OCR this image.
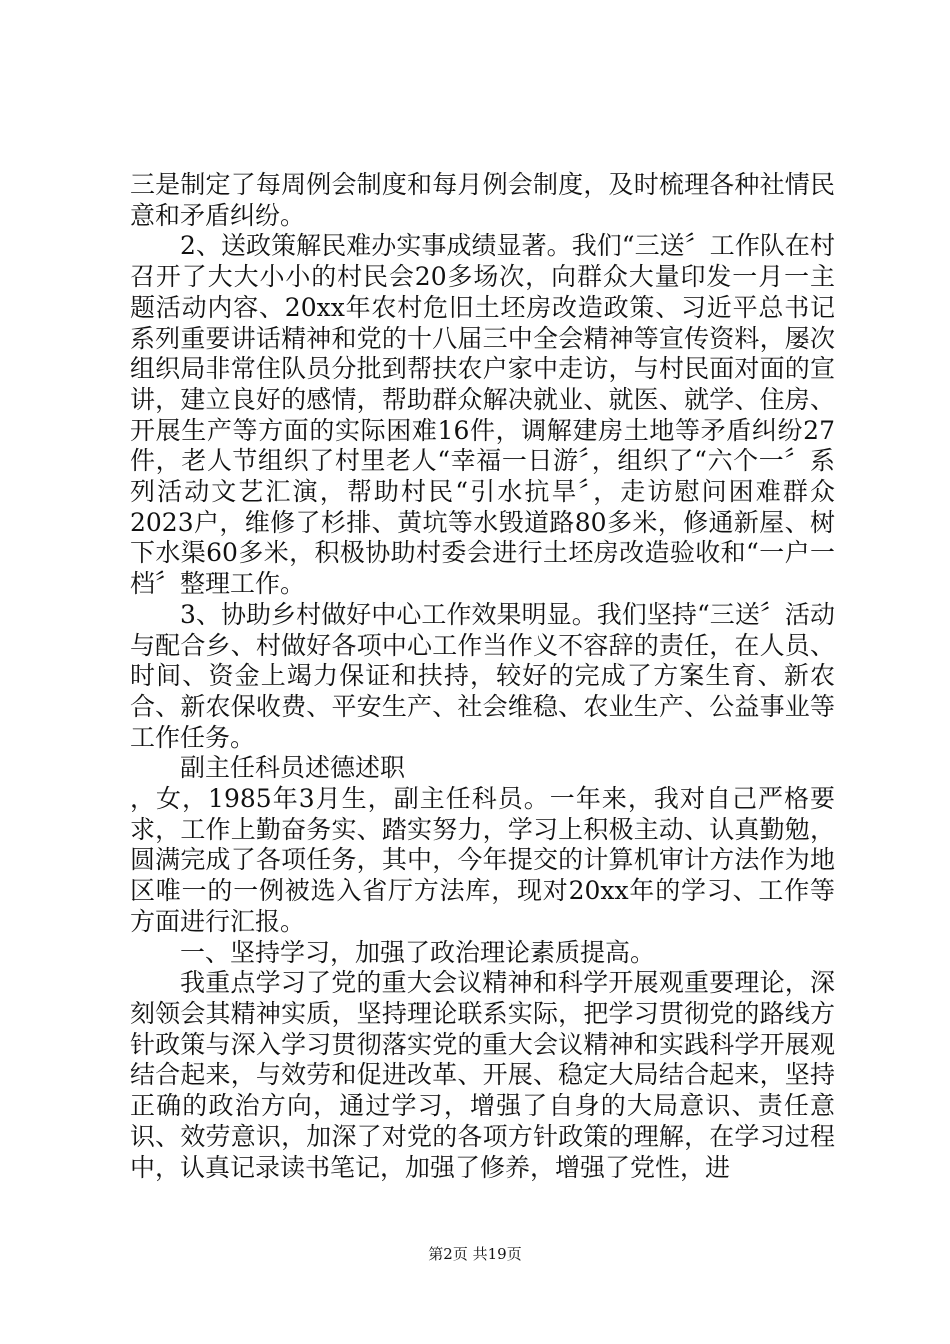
三是制定了每周例会制度和每月例会制度，及时梳理各种社情民意和矛盾纠纷。

2、送政策解民难办实事成绩显著。我们“三送〞工作队在村召开了大大小小的村民会20多场次，向群众大量印发一月一主题活动内容、20xx年农村危旧土坯房改造政策、习近平总书记系列重要讲话精神和党的十八届三中全会精神等宣传资料，屡次组织局非常住队员分批到帮扶农户家中走访，与村民面对面的宣讲，建立良好的感情，帮助群众解决就业、就医、就学、住房、开展生产等方面的实际困难16件，调解建房土地等矛盾纠纷27件，老人节组织了村里老人“幸福一日游〞，组织了“六个一〞系列活动文艺汇演，帮助村民“引水抗旱〞，走访慰问困难群众2023户，维修了杉排、黄坑等水毁道路80多米，修通新屋、树下水渠60多米，积极协助村委会进行土坯房改造验收和“一户一档〞整理工作。

3、协助乡村做好中心工作效果明显。我们坚持“三送〞活动与配合乡、村做好各项中心工作当作义不容辞的责任，在人员、时间、资金上竭力保证和扶持，较好的完成了方案生育、新农合、新农保收费、平安生产、社会维稳、农业生产、公益事业等工作任务。

副主任科员述德述职

，女，1985年3月生，副主任科员。一年来，我对自己严格要求，工作上勤奋务实、踏实努力，学习上积极主动、认真勤勉，圆满完成了各项任务，其中，今年提交的计算机审计方法作为地区唯一的一例被选入省厅方法库，现对20xx年的学习、工作等方面进行汇报。

一、坚持学习，加强了政治理论素质提高。

我重点学习了党的重大会议精神和科学开展观重要理论，深刻领会其精神实质，坚持理论联系实际，把学习贯彻党的路线方针政策与深入学习贯彻落实党的重大会议精神和实践科学开展观结合起来，与效劳和促进改革、开展、稳定大局结合起来，坚持正确的政治方向，通过学习，增强了自身的大局意识、责任意识、效劳意识，加深了对党的各项方针政策的理解，在学习过程中，认真记录读书笔记，加强了修养，增强了党性，进

第2页 共19页
